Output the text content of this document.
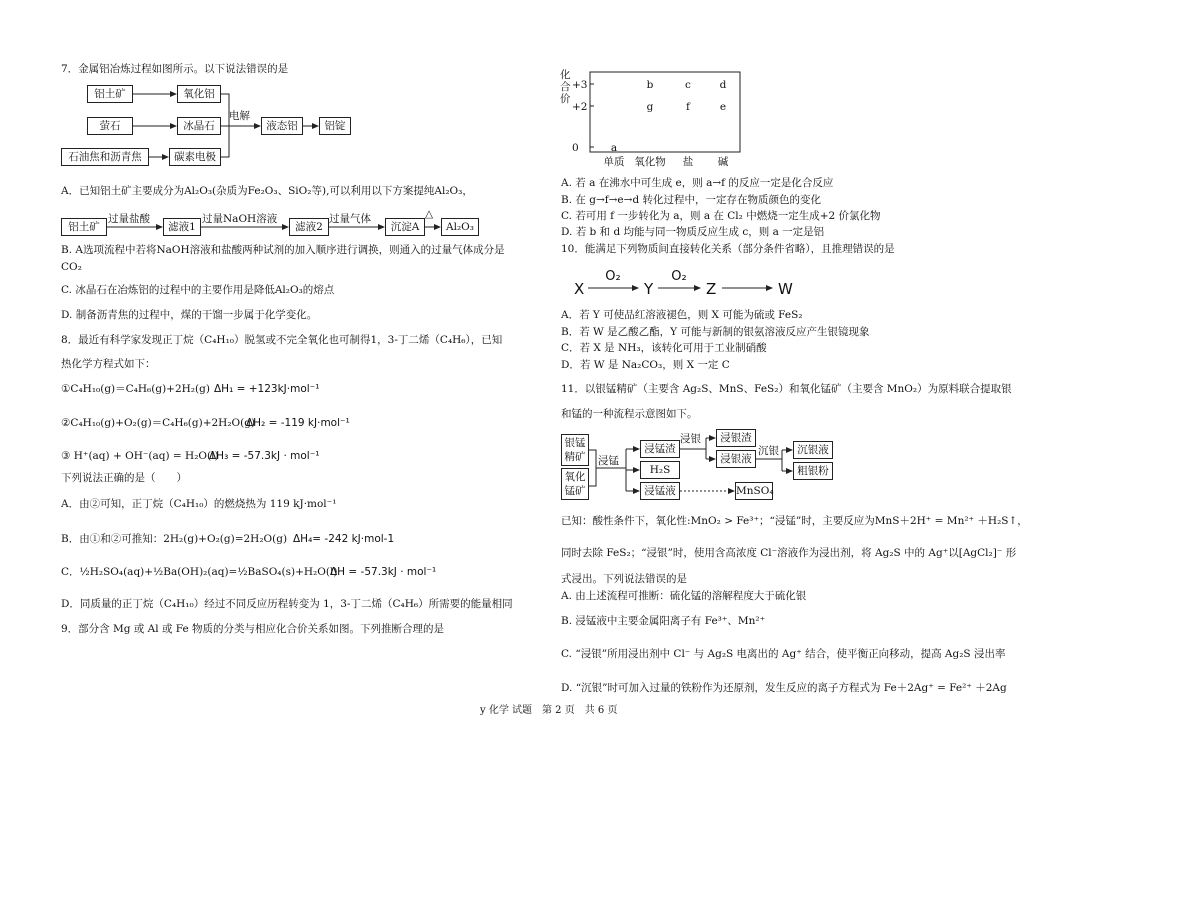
7．金属铝冶炼过程如图所示。以下说法错误的是
铝土矿	氧化铝
萤石	冰晶石
石油焦和沥青焦	碳素电极
电解
液态铝	铝锭
A．已知铝土矿主要成分为Al₂O₃(杂质为Fe₂O₃、SiO₂等),可以利用以下方案提纯Al₂O₃，
铝土矿
过量盐酸
滤液1
过量NaOH溶液
滤液2
过量气体
沉淀A
△
Al₂O₃
B. A选项流程中若将NaOH溶液和盐酸两种试剂的加入顺序进行调换，则通入的过量气体成分是
CO₂
C. 冰晶石在冶炼铝的过程中的主要作用是降低Al₂O₃的熔点
D. 制备沥青焦的过程中，煤的干馏一步属于化学变化。
8．最近有科学家发现正丁烷（C₄H₁₀）脱氢或不完全氧化也可制得1，3-丁二烯（C₄H₆），已知
热化学方程式如下：
①C₄H₁₀(g)＝C₄H₆(g)+2H₂(g) ΔH₁ = +123kJ·mol⁻¹
②C₄H₁₀(g)+O₂(g)＝C₄H₆(g)+2H₂O(g)
ΔH₂ = -119 kJ·mol⁻¹
③ H⁺(aq) + OH⁻(aq) = H₂O(l)
ΔH₃ = -57.3kJ · mol⁻¹
下列说法正确的是（　　）
A．由②可知，正丁烷（C₄H₁₀）的燃烧热为 119 kJ·mol⁻¹
B．由①和②可推知：2H₂(g)+O₂(g)=2H₂O(g) ΔH₄= -242 kJ·mol-1
C．½H₂SO₄(aq)+½Ba(OH)₂(aq)=½BaSO₄(s)+H₂O(l)
ΔH = -57.3kJ · mol⁻¹
D．同质量的正丁烷（C₄H₁₀）经过不同反应历程转变为 1，3-丁二烯（C₄H₆）所需要的能量相同
9．部分含 Mg 或 Al 或 Fe 物质的分类与相应化合价关系如图。下列推断合理的是
化
合
价
+3
+2
0
单质 氧化物 盐 碱
a
b	c	d
g	f	e
A. 若 a 在沸水中可生成 e，则 a→f 的反应一定是化合反应
B. 在 g→f→e→d 转化过程中，一定存在物质颜色的变化
C. 若可用 f 一步转化为 a，则 a 在 Cl₂ 中燃烧一定生成+2 价氯化物
D. 若 b 和 d 均能与同一物质反应生成 c，则 a 一定是铝
10．能满足下列物质间直接转化关系（部分条件省略），且推理错误的是
X	Y	Z	W
O₂	O₂
A．若 Y 可使品红溶液褪色，则 X 可能为硫或 FeS₂
B．若 W 是乙酸乙酯，Y 可能与新制的银氨溶液反应产生银镜现象
C．若 X 是 NH₃，该转化可用于工业制硝酸
D．若 W 是 Na₂CO₃，则 X 一定 C
11．以银锰精矿（主要含 Ag₂S、MnS、FeS₂）和氧化锰矿（主要含 MnO₂）为原料联合提取银
和锰的一种流程示意图如下。
银锰
精矿
氧化
锰矿
浸锰
浸锰渣
H₂S
浸锰液
浸银	浸银渣
浸银液
沉银	沉银液
粗银粉
MnSO₄
已知：酸性条件下，氧化性:MnO₂ > Fe³⁺；“浸锰”时，主要反应为MnS＋2H⁺ = Mn²⁺ ＋H₂S↑，
同时去除 FeS₂；“浸银”时，使用含高浓度 Cl⁻溶液作为浸出剂，将 Ag₂S 中的 Ag⁺以[AgCl₂]⁻ 形
式浸出。下列说法错误的是
A. 由上述流程可推断：硫化锰的溶解程度大于硫化银
B. 浸锰液中主要金属阳离子有 Fe³⁺、Mn²⁺
C. “浸银”所用浸出剂中 Cl⁻ 与 Ag₂S 电离出的 Ag⁺ 结合，使平衡正向移动，提高 Ag₂S 浸出率
D. “沉银”时可加入过量的铁粉作为还原剂，发生反应的离子方程式为 Fe＋2Ag⁺ = Fe²⁺ ＋2Ag
y 化学 试题　第 2 页　共 6 页
